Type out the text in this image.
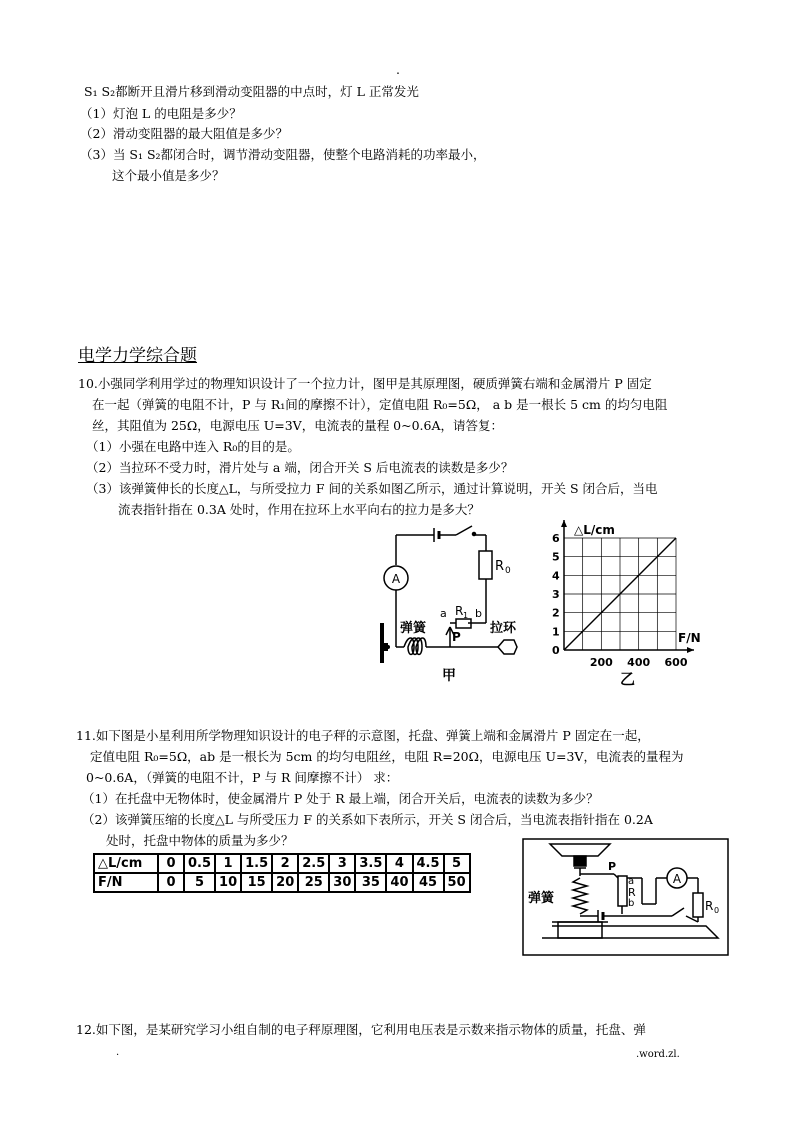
.
S₁ S₂都断开且滑片移到滑动变阻器的中点时，灯 L 正常发光
（1）灯泡 L 的电阻是多少？
（2）滑动变阻器的最大阻值是多少？
（3）当 S₁ S₂都闭合时，调节滑动变阻器，使整个电路消耗的功率最小，
这个最小值是多少？
电学力学综合题
10.小强同学利用学过的物理知识设计了一个拉力计，图甲是其原理图，硬质弹簧右端和金属滑片 P 固定
在一起（弹簧的电阻不计，P 与 R₁间的摩擦不计），定值电阻 R₀=5Ω， a b 是一根长 5 cm 的均匀电阻
丝，其阻值为 25Ω，电源电压 U=3V，电流表的量程 0~0.6A，请答复：
（1）小强在电路中连入 R₀的目的是。
（2）当拉环不受力时，滑片处与 a 端，闭合开关 S 后电流表的读数是多少？
（3）该弹簧伸长的长度△L，与所受拉力 F 间的关系如图乙所示，通过计算说明，开关 S 闭合后，当电
流表指针指在 0.3A 处时，作用在拉环上水平向右的拉力是多大？
A
R 0
R 1
a	b
P
弹簧	拉环
甲
0
1
2
3
4
5
6
200 400 600
△L/cm
F/N
乙
11.如下图是小星利用所学物理知识设计的电子秤的示意图，托盘、弹簧上端和金属滑片 P 固定在一起，
定值电阻 R₀=5Ω，ab 是一根长为 5cm 的均匀电阻丝，电阻 R=20Ω，电源电压 U=3V，电流表的量程为
0~0.6A，（弹簧的电阻不计，P 与 R 间摩擦不计） 求：
（1）在托盘中无物体时，使金属滑片 P 处于 R 最上端，闭合开关后，电流表的读数为多少？
（2）该弹簧压缩的长度△L 与所受压力 F 的关系如下表所示，开关 S 闭合后，当电流表指针指在 0.2A
处时，托盘中物体的质量为多少？
△L/cm	0	0.5	1	1.5	2	2.5	3	3.5	4	4.5	5
F/N	0	5	10	15	20	25	30	35	40	45	50
弹簧
P
a
R
b
A
R 0
12.如下图，是某研究学习小组自制的电子秤原理图，它利用电压表是示数来指示物体的质量，托盘、弹
.	.word.zl.
